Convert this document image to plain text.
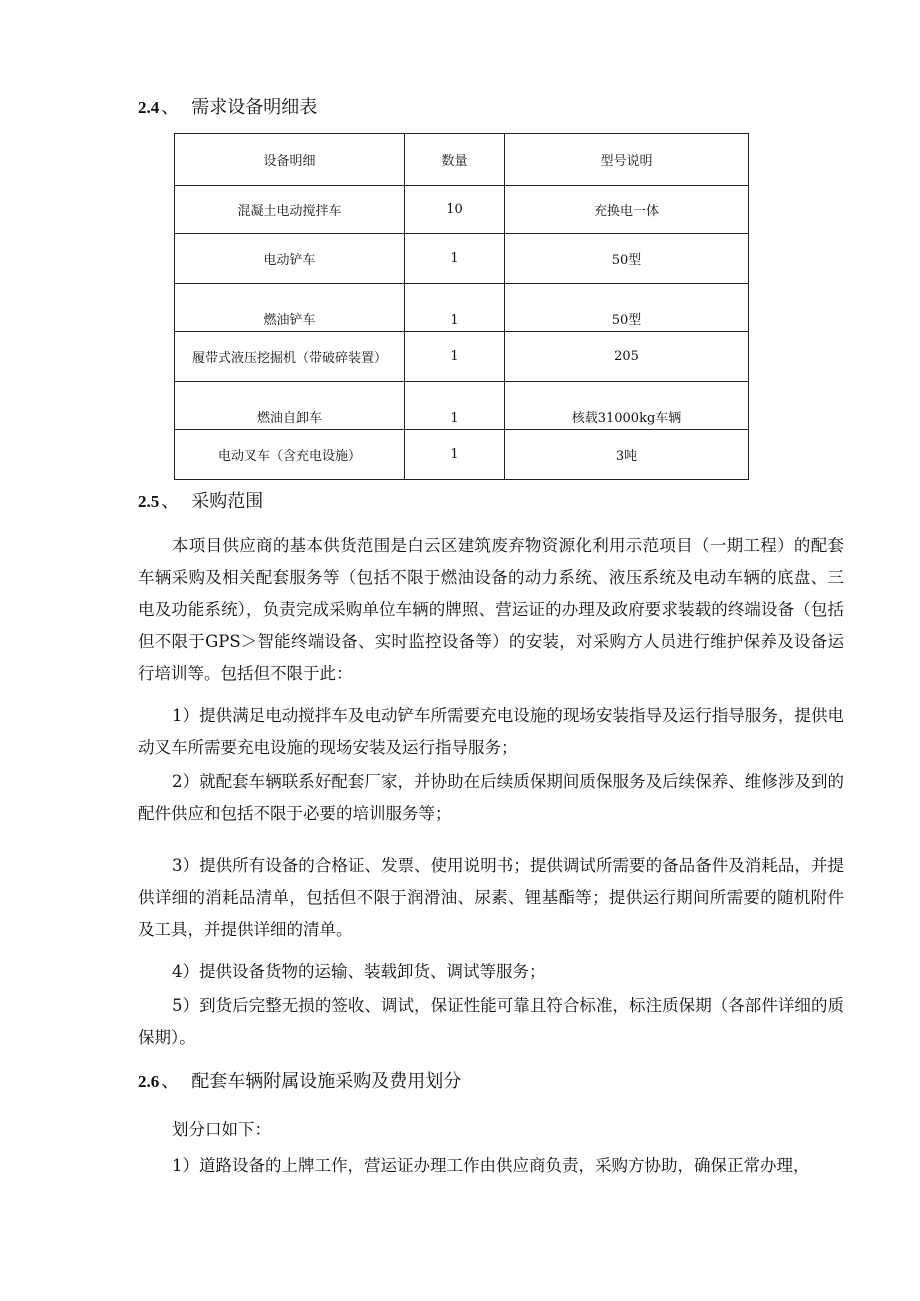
2.4 、 需求设备明细表
设备明细	数量	型号说明
混凝土电动搅拌车	10	充换电一体
电动铲车	1	50型
燃油铲车	1	50型
履带式液压挖掘机（带破碎装置）	1	205
燃油自卸车	1	核载31000kg车辆
电动叉车（含充电设施）	1	3吨
2.5 、 采购范围
本项目供应商的基本供货范围是白云区建筑废弃物资源化利用示范项目（一期工程）的配套车辆采购及相关配套服务等（包括不限于燃油设备的动力系统、液压系统及电动车辆的底盘、三电及功能系统），负责完成采购单位车辆的牌照、营运证的办理及政府要求装载的终端设备（包括但不限于GPS＞智能终端设备、实时监控设备等）的安装，对采购方人员进行维护保养及设备运行培训等。包括但不限于此：
1）提供满足电动搅拌车及电动铲车所需要充电设施的现场安装指导及运行指导服务，提供电动叉车所需要充电设施的现场安装及运行指导服务；
2）就配套车辆联系好配套厂家，并协助在后续质保期间质保服务及后续保养、维修涉及到的配件供应和包括不限于必要的培训服务等；
3）提供所有设备的合格证、发票、使用说明书；提供调试所需要的备品备件及消耗品，并提供详细的消耗品清单，包括但不限于润滑油、尿素、锂基酯等；提供运行期间所需要的随机附件及工具，并提供详细的清单。
4）提供设备货物的运输、装载卸货、调试等服务；
5）到货后完整无损的签收、调试，保证性能可靠且符合标准，标注质保期（各部件详细的质保期）。
2.6 、 配套车辆附属设施采购及费用划分
划分口如下：
1）道路设备的上牌工作，营运证办理工作由供应商负责，采购方协助，确保正常办理，
